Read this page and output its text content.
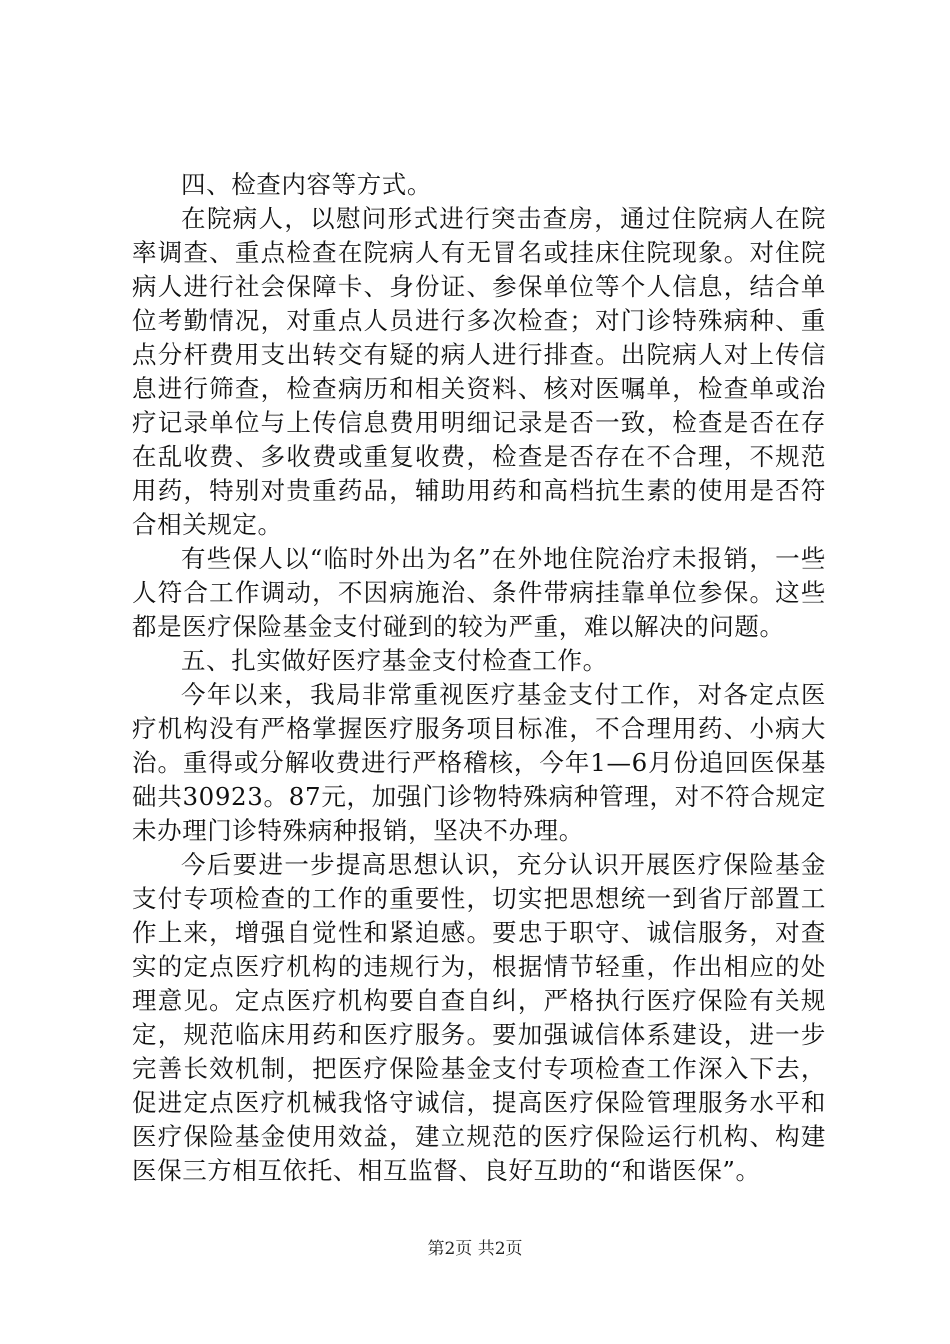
四、检查内容等方式。

在院病人，以慰问形式进行突击查房，通过住院病人在院率调查、重点检查在院病人有无冒名或挂床住院现象。对住院病人进行社会保障卡、身份证、参保单位等个人信息，结合单位考勤情况，对重点人员进行多次检查；对门诊特殊病种、重点分杆费用支出转交有疑的病人进行排查。出院病人对上传信息进行筛查，检查病历和相关资料、核对医嘱单，检查单或治疗记录单位与上传信息费用明细记录是否一致，检查是否在存在乱收费、多收费或重复收费，检查是否存在不合理，不规范用药，特别对贵重药品，辅助用药和高档抗生素的使用是否符合相关规定。

有些保人以“临时外出为名”在外地住院治疗未报销，一些人符合工作调动，不因病施治、条件带病挂靠单位参保。这些都是医疗保险基金支付碰到的较为严重，难以解决的问题。

五、扎实做好医疗基金支付检查工作。

今年以来，我局非常重视医疗基金支付工作，对各定点医疗机构没有严格掌握医疗服务项目标准，不合理用药、小病大治。重得或分解收费进行严格稽核，今年1—6月份追回医保基础共30923。87元，加强门诊物特殊病种管理，对不符合规定未办理门诊特殊病种报销，坚决不办理。

今后要进一步提高思想认识，充分认识开展医疗保险基金支付专项检查的工作的重要性，切实把思想统一到省厅部置工作上来，增强自觉性和紧迫感。要忠于职守、诚信服务，对查实的定点医疗机构的违规行为，根据情节轻重，作出相应的处理意见。定点医疗机构要自查自纠，严格执行医疗保险有关规定，规范临床用药和医疗服务。要加强诚信体系建设，进一步完善长效机制，把医疗保险基金支付专项检查工作深入下去，促进定点医疗机械我恪守诚信，提高医疗保险管理服务水平和医疗保险基金使用效益，建立规范的医疗保险运行机构、构建医保三方相互依托、相互监督、良好互助的“和谐医保”。

第2页 共2页
